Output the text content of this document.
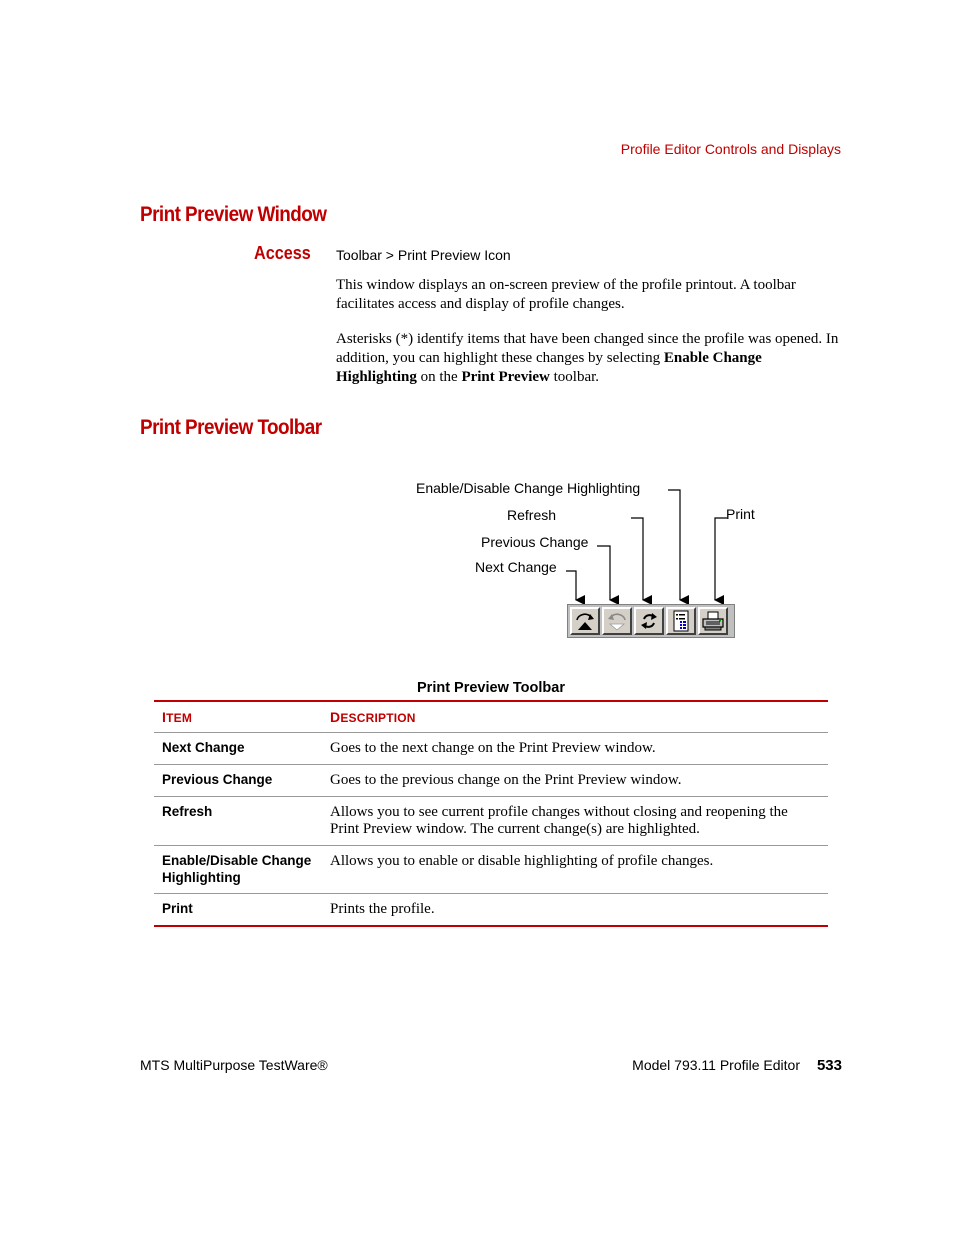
Profile Editor Controls and Displays
Print Preview Window
Access Toolbar > Print Preview Icon

This window displays an on-screen preview of the profile printout. A toolbar facilitates access and display of profile changes.

Asterisks (*) identify items that have been changed since the profile was opened. In addition, you can highlight these changes by selecting Enable Change Highlighting on the Print Preview toolbar.

Print Preview Toolbar
Enable/Disable Change Highlighting
Refresh	Print
Previous Change
Next Change
Print Preview Toolbar
ITEM	DESCRIPTION
Next Change	Goes to the next change on the Print Preview window.
Previous Change	Goes to the previous change on the Print Preview window.
Refresh	Allows you to see current profile changes without closing and reopening the Print Preview window. The current change(s) are highlighted.
Enable/Disable Change Highlighting	Allows you to enable or disable highlighting of profile changes.
Print	Prints the profile.
MTS MultiPurpose TestWare®	Model 793.11 Profile Editor 533
